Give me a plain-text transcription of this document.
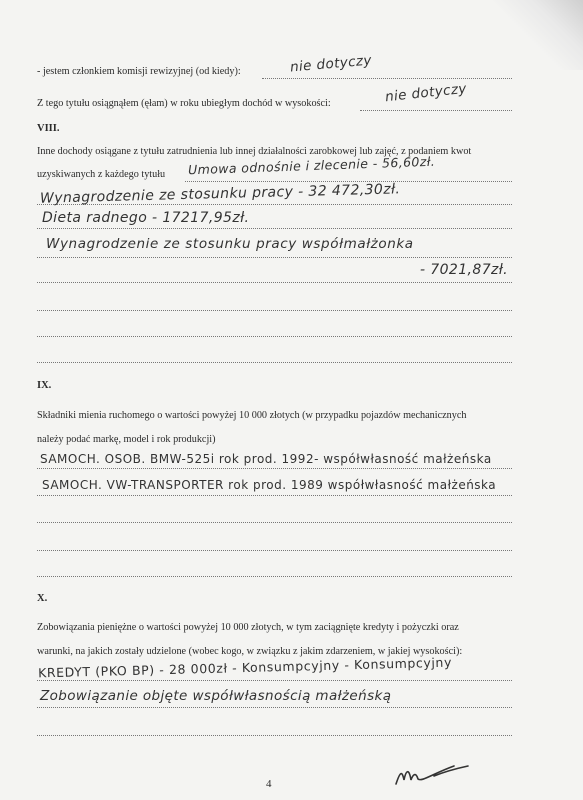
- jestem członkiem komisji rewizyjnej (od kiedy):	nie dotyczy
Z tego tytułu osiągnąłem (ęłam) w roku ubiegłym dochód w wysokości:	nie dotyczy
VIII.
Inne dochody osiągane z tytułu zatrudnienia lub innej działalności zarobkowej lub zajęć, z podaniem kwot
uzyskiwanych z każdego tytułu Umowa odnośnie i zlecenie - 56,60zł.
Wynagrodzenie ze stosunku pracy - 32 472,30zł.
Dieta radnego - 17217,95zł.
Wynagrodzenie ze stosunku pracy współmałżonka
- 7021,87zł.
IX.
Składniki mienia ruchomego o wartości powyżej 10 000 złotych (w przypadku pojazdów mechanicznych
należy podać markę, model i rok produkcji)
SAMOCH. OSOB. BMW-525i rok prod. 1992- współwłasność małżeńska
SAMOCH. VW-TRANSPORTER rok prod. 1989 współwłasność małżeńska
X.
Zobowiązania pieniężne o wartości powyżej 10 000 złotych, w tym zaciągnięte kredyty i pożyczki oraz
warunki, na jakich zostały udzielone (wobec kogo, w związku z jakim zdarzeniem, w jakiej wysokości):
KREDYT (PKO BP) - 28 000zł - Konsumpcyjny - Konsumpcyjny
Zobowiązanie objęte współwłasnością małżeńską
4
